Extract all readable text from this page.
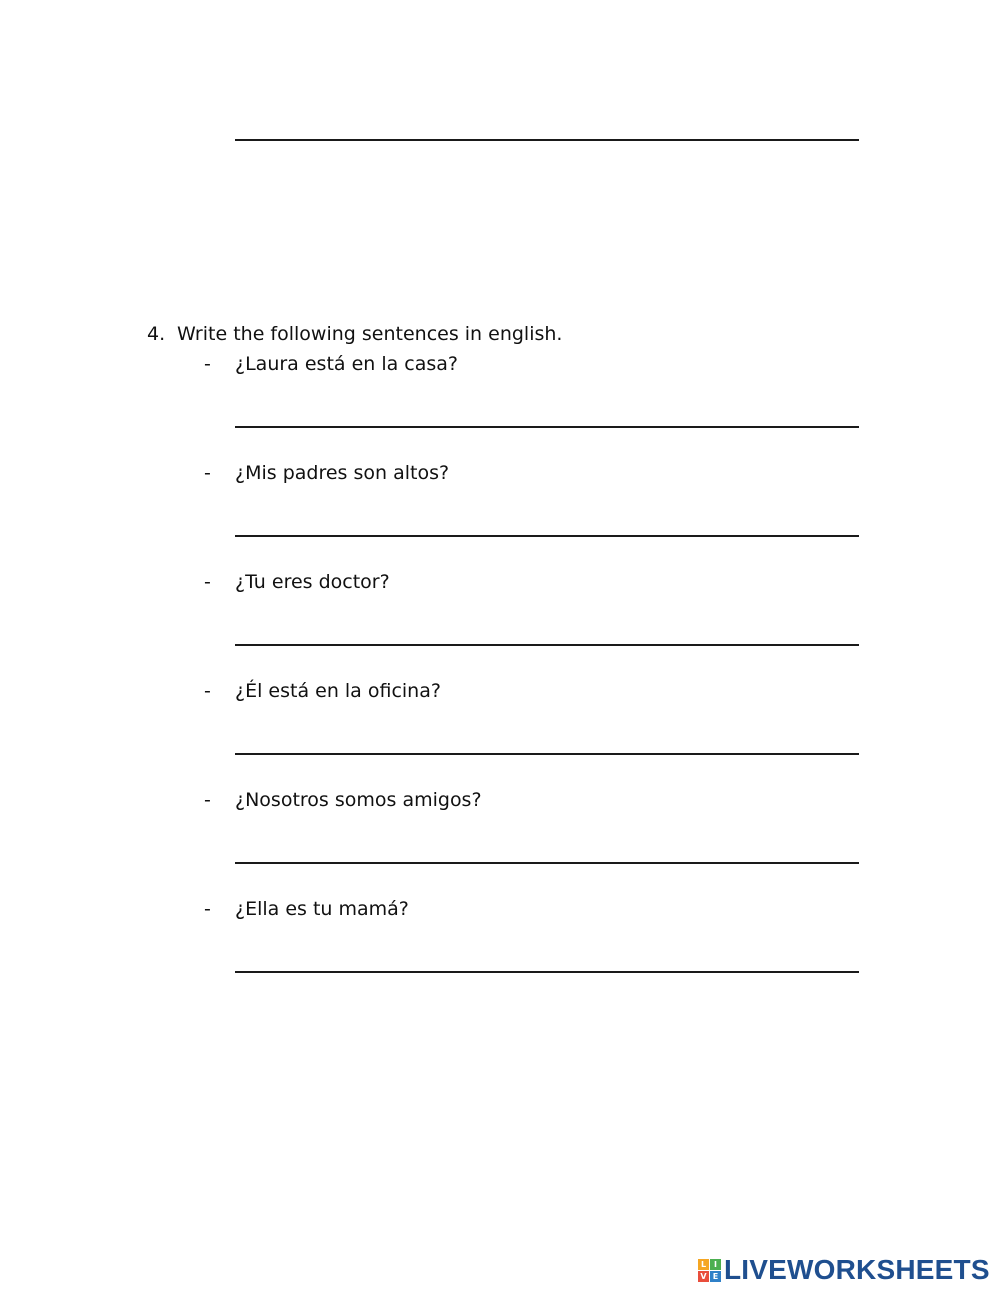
4. Write the following sentences in english.
- ¿Laura está en la casa?
- ¿Mis padres son altos?
- ¿Tu eres doctor?
- ¿Él está en la oficina?
- ¿Nosotros somos amigos?
- ¿Ella es tu mamá?
L I
V E LIVEWORKSHEETS
